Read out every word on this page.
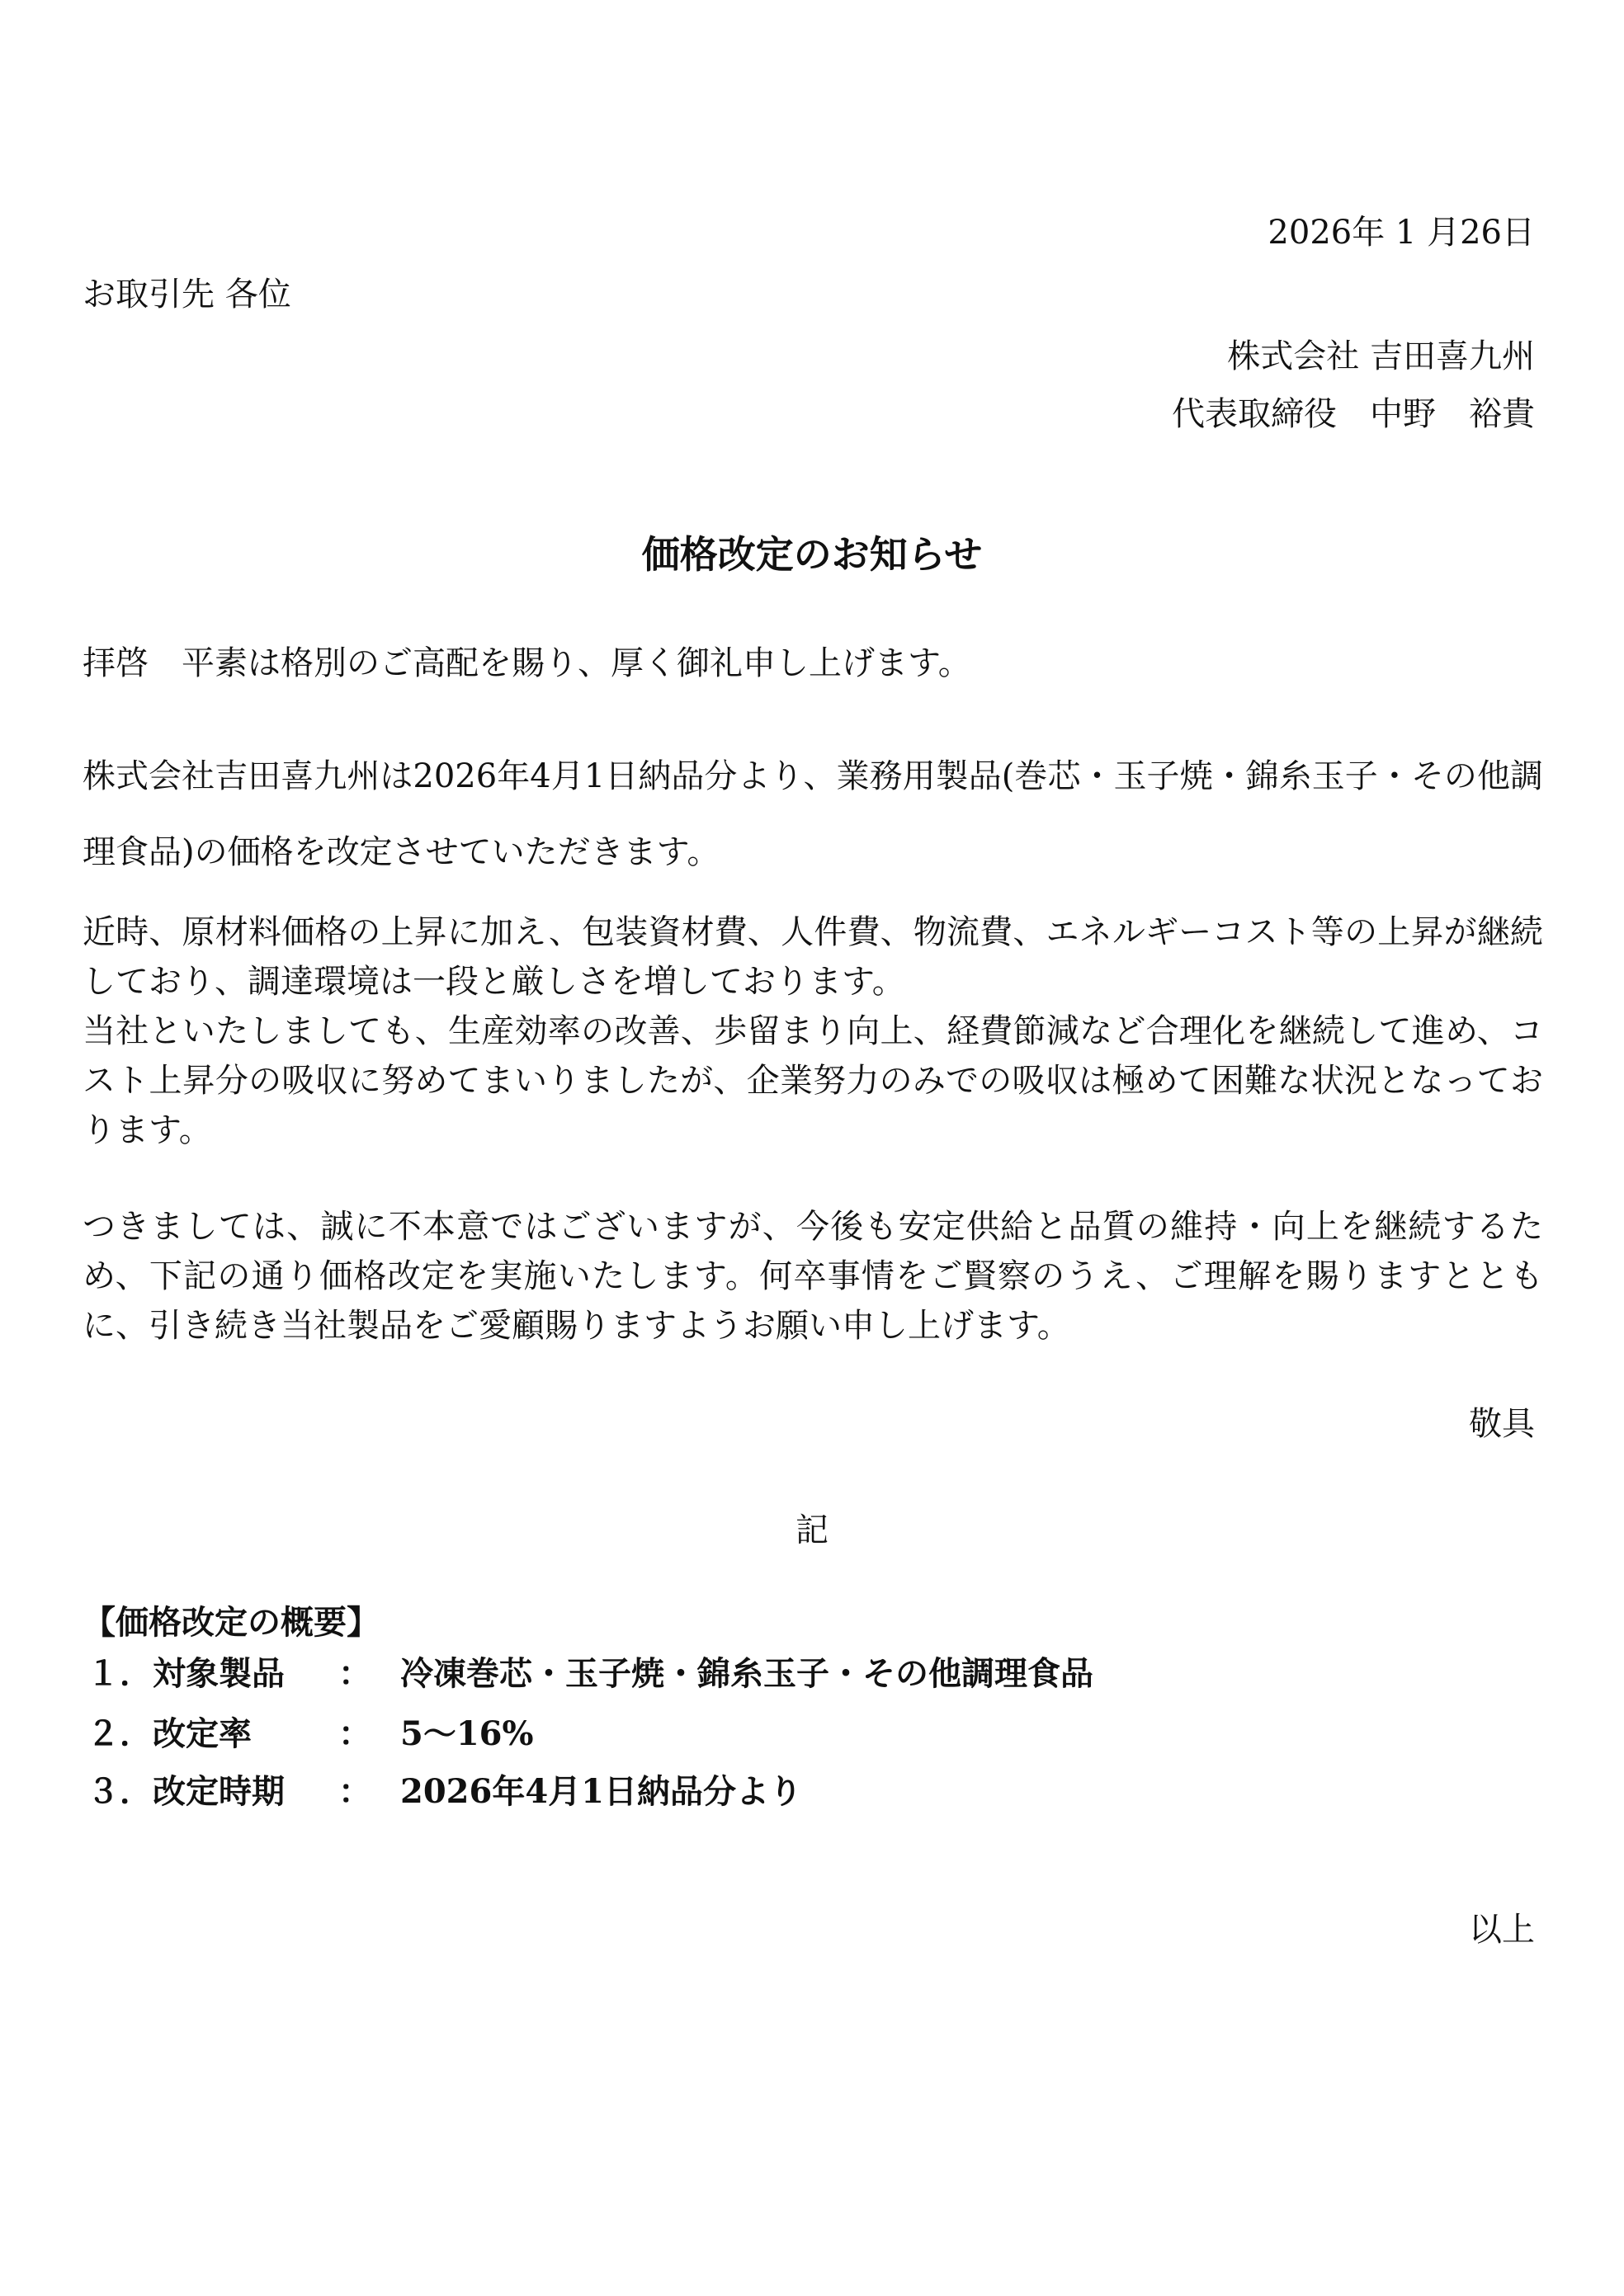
2026年 1 月26日

お取引先 各位

株式会社 吉田喜九州

代表取締役　中野　裕貴

価格改定のお知らせ

拝啓　平素は格別のご高配を賜り、厚く御礼申し上げます。

株式会社吉田喜九州は2026年4月1日納品分より、業務用製品(巻芯・玉子焼・錦糸玉子・その他調理食品)の価格を改定させていただきます。

近時、原材料価格の上昇に加え、包装資材費、人件費、物流費、エネルギーコスト等の上昇が継続しており、調達環境は一段と厳しさを増しております。
当社といたしましても、生産効率の改善、歩留まり向上、経費節減など合理化を継続して進め、コスト上昇分の吸収に努めてまいりましたが、企業努力のみでの吸収は極めて困難な状況となっております。

つきましては、誠に不本意ではございますが、今後も安定供給と品質の維持・向上を継続するため、下記の通り価格改定を実施いたします。何卒事情をご賢察のうえ、ご理解を賜りますとともに、引き続き当社製品をご愛顧賜りますようお願い申し上げます。

敬具

記

【価格改定の概要】

１．対象製品 ： 冷凍巻芯・玉子焼・錦糸玉子・その他調理食品

２．改定率	： 5〜16%

３．改定時期 ： 2026年4月1日納品分より

以上
